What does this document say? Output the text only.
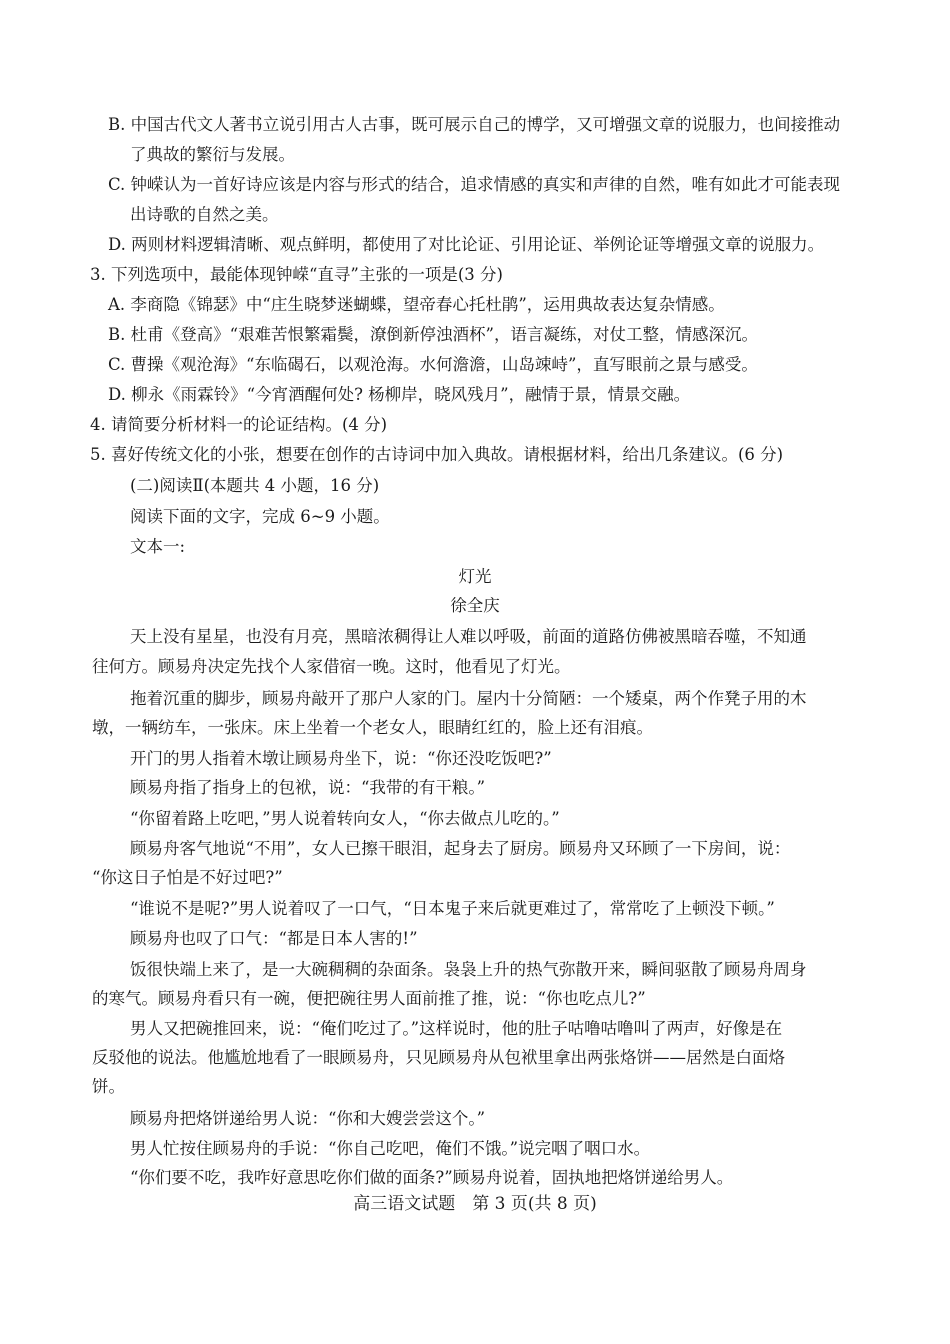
B. 中国古代文人著书立说引用古人古事，既可展示自己的博学，又可增强文章的说服力，也间接推动
了典故的繁衍与发展。
C. 钟嵘认为一首好诗应该是内容与形式的结合，追求情感的真实和声律的自然，唯有如此才可能表现
出诗歌的自然之美。
D. 两则材料逻辑清晰、观点鲜明，都使用了对比论证、引用论证、举例论证等增强文章的说服力。
3. 下列选项中，最能体现钟嵘“直寻”主张的一项是(3 分)
A. 李商隐《锦瑟》中“庄生晓梦迷蝴蝶，望帝春心托杜鹃”，运用典故表达复杂情感。
B. 杜甫《登高》“艰难苦恨繁霜鬓，潦倒新停浊酒杯”，语言凝练，对仗工整，情感深沉。
C. 曹操《观沧海》“东临碣石，以观沧海。水何澹澹，山岛竦峙”，直写眼前之景与感受。
D. 柳永《雨霖铃》“今宵酒醒何处? 杨柳岸，晓风残月”，融情于景，情景交融。
4. 请简要分析材料一的论证结构。(4 分)
5. 喜好传统文化的小张，想要在创作的古诗词中加入典故。请根据材料，给出几条建议。(6 分)
(二)阅读Ⅱ(本题共 4 小题，16 分)
阅读下面的文字，完成 6~9 小题。
文本一:
灯光
徐全庆
天上没有星星，也没有月亮，黑暗浓稠得让人难以呼吸，前面的道路仿佛被黑暗吞噬，不知通
往何方。顾易舟决定先找个人家借宿一晚。这时，他看见了灯光。
拖着沉重的脚步，顾易舟敲开了那户人家的门。屋内十分简陋：一个矮桌，两个作凳子用的木
墩，一辆纺车，一张床。床上坐着一个老女人，眼睛红红的，脸上还有泪痕。
开门的男人指着木墩让顾易舟坐下，说：“你还没吃饭吧?”
顾易舟指了指身上的包袱，说：“我带的有干粮。”
“你留着路上吃吧，”男人说着转向女人，“你去做点儿吃的。”
顾易舟客气地说“不用”，女人已擦干眼泪，起身去了厨房。顾易舟又环顾了一下房间，说：
“你这日子怕是不好过吧?”
“谁说不是呢?”男人说着叹了一口气，“日本鬼子来后就更难过了，常常吃了上顿没下顿。”
顾易舟也叹了口气：“都是日本人害的!”
饭很快端上来了，是一大碗稠稠的杂面条。袅袅上升的热气弥散开来，瞬间驱散了顾易舟周身
的寒气。顾易舟看只有一碗，便把碗往男人面前推了推，说：“你也吃点儿?”
男人又把碗推回来，说：“俺们吃过了。”这样说时，他的肚子咕噜咕噜叫了两声，好像是在
反驳他的说法。他尴尬地看了一眼顾易舟，只见顾易舟从包袱里拿出两张烙饼——居然是白面烙
饼。
顾易舟把烙饼递给男人说：“你和大嫂尝尝这个。”
男人忙按住顾易舟的手说：“你自己吃吧，俺们不饿。”说完咽了咽口水。
“你们要不吃，我咋好意思吃你们做的面条?”顾易舟说着，固执地把烙饼递给男人。
高三语文试题　第 3 页(共 8 页)
